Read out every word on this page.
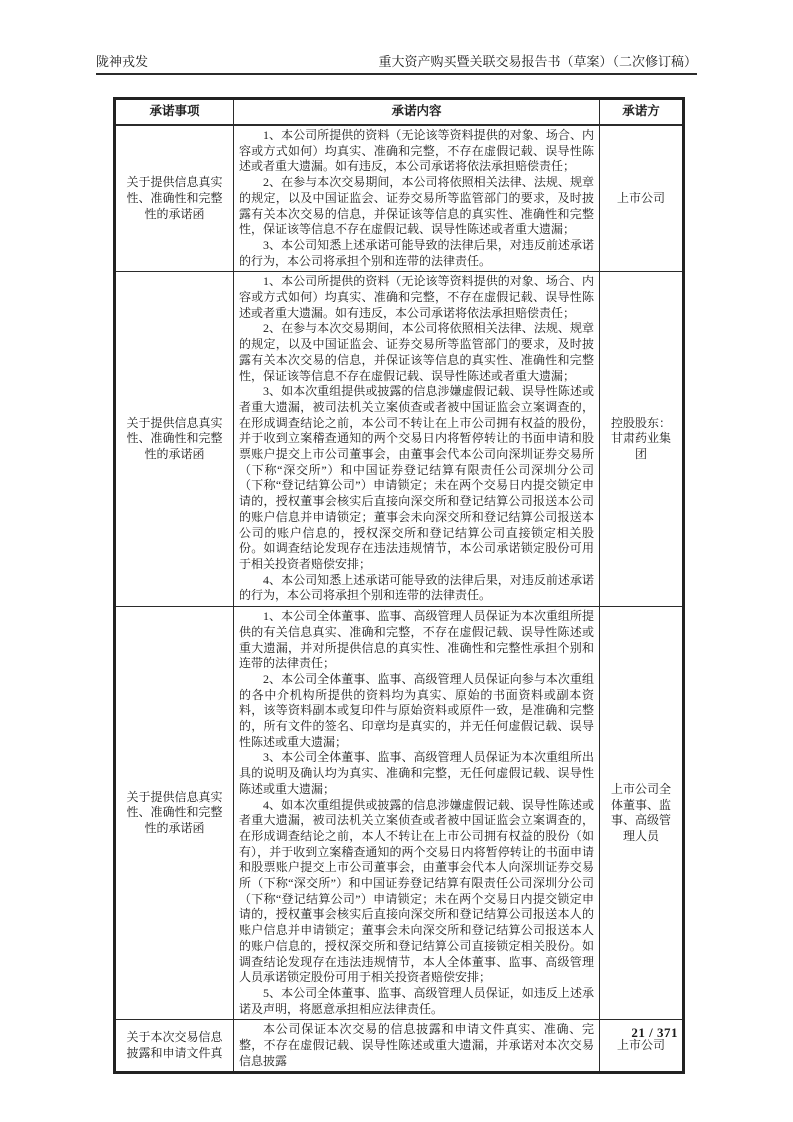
陇神戎发	重大资产购买暨关联交易报告书（草案）（二次修订稿）
承诺事项	承诺内容	承诺方
关于提供信息真实性、准确性和完整性的承诺函	1、本公司所提供的资料（无论该等资料提供的对象、场合、内容或方式如何）均真实、准确和完整，不存在虚假记载、误导性陈述或者重大遗漏。如有违反，本公司承诺将依法承担赔偿责任；

2、在参与本次交易期间，本公司将依照相关法律、法规、规章的规定，以及中国证监会、证券交易所等监管部门的要求，及时披露有关本次交易的信息，并保证该等信息的真实性、准确性和完整性，保证该等信息不存在虚假记载、误导性陈述或者重大遗漏；

3、本公司知悉上述承诺可能导致的法律后果，对违反前述承诺的行为，本公司将承担个别和连带的法律责任。	上市公司
关于提供信息真实性、准确性和完整性的承诺函	1、本公司所提供的资料（无论该等资料提供的对象、场合、内容或方式如何）均真实、准确和完整，不存在虚假记载、误导性陈述或者重大遗漏。如有违反，本公司承诺将依法承担赔偿责任；

2、在参与本次交易期间，本公司将依照相关法律、法规、规章的规定，以及中国证监会、证券交易所等监管部门的要求，及时披露有关本次交易的信息，并保证该等信息的真实性、准确性和完整性，保证该等信息不存在虚假记载、误导性陈述或者重大遗漏；

3、如本次重组提供或披露的信息涉嫌虚假记载、误导性陈述或者重大遗漏，被司法机关立案侦查或者被中国证监会立案调查的，在形成调查结论之前，本公司不转让在上市公司拥有权益的股份，并于收到立案稽查通知的两个交易日内将暂停转让的书面申请和股票账户提交上市公司董事会，由董事会代本公司向深圳证券交易所（下称“深交所”）和中国证券登记结算有限责任公司深圳分公司（下称“登记结算公司”）申请锁定；未在两个交易日内提交锁定申请的，授权董事会核实后直接向深交所和登记结算公司报送本公司的账户信息并申请锁定；董事会未向深交所和登记结算公司报送本公司的账户信息的，授权深交所和登记结算公司直接锁定相关股份。如调查结论发现存在违法违规情节，本公司承诺锁定股份可用于相关投资者赔偿安排；

4、本公司知悉上述承诺可能导致的法律后果，对违反前述承诺的行为，本公司将承担个别和连带的法律责任。	控股股东：甘肃药业集团
关于提供信息真实性、准确性和完整性的承诺函	1、本公司全体董事、监事、高级管理人员保证为本次重组所提供的有关信息真实、准确和完整，不存在虚假记载、误导性陈述或重大遗漏，并对所提供信息的真实性、准确性和完整性承担个别和连带的法律责任；

2、本公司全体董事、监事、高级管理人员保证向参与本次重组的各中介机构所提供的资料均为真实、原始的书面资料或副本资料，该等资料副本或复印件与原始资料或原件一致，是准确和完整的，所有文件的签名、印章均是真实的，并无任何虚假记载、误导性陈述或重大遗漏；

3、本公司全体董事、监事、高级管理人员保证为本次重组所出具的说明及确认均为真实、准确和完整，无任何虚假记载、误导性陈述或重大遗漏；

4、如本次重组提供或披露的信息涉嫌虚假记载、误导性陈述或者重大遗漏，被司法机关立案侦查或者被中国证监会立案调查的，在形成调查结论之前，本人不转让在上市公司拥有权益的股份（如有），并于收到立案稽查通知的两个交易日内将暂停转让的书面申请和股票账户提交上市公司董事会，由董事会代本人向深圳证券交易所（下称“深交所”）和中国证券登记结算有限责任公司深圳分公司（下称“登记结算公司”）申请锁定；未在两个交易日内提交锁定申请的，授权董事会核实后直接向深交所和登记结算公司报送本人的账户信息并申请锁定；董事会未向深交所和登记结算公司报送本人的账户信息的，授权深交所和登记结算公司直接锁定相关股份。如调查结论发现存在违法违规情节，本人全体董事、监事、高级管理人员承诺锁定股份可用于相关投资者赔偿安排；

5、本公司全体董事、监事、高级管理人员保证，如违反上述承诺及声明，将愿意承担相应法律责任。	上市公司全体董事、监事、高级管理人员
关于本次交易信息披露和申请文件真	本公司保证本次交易的信息披露和申请文件真实、准确、完整，不存在虚假记载、误导性陈述或重大遗漏，并承诺对本次交易信息披露	上市公司
21 / 371
